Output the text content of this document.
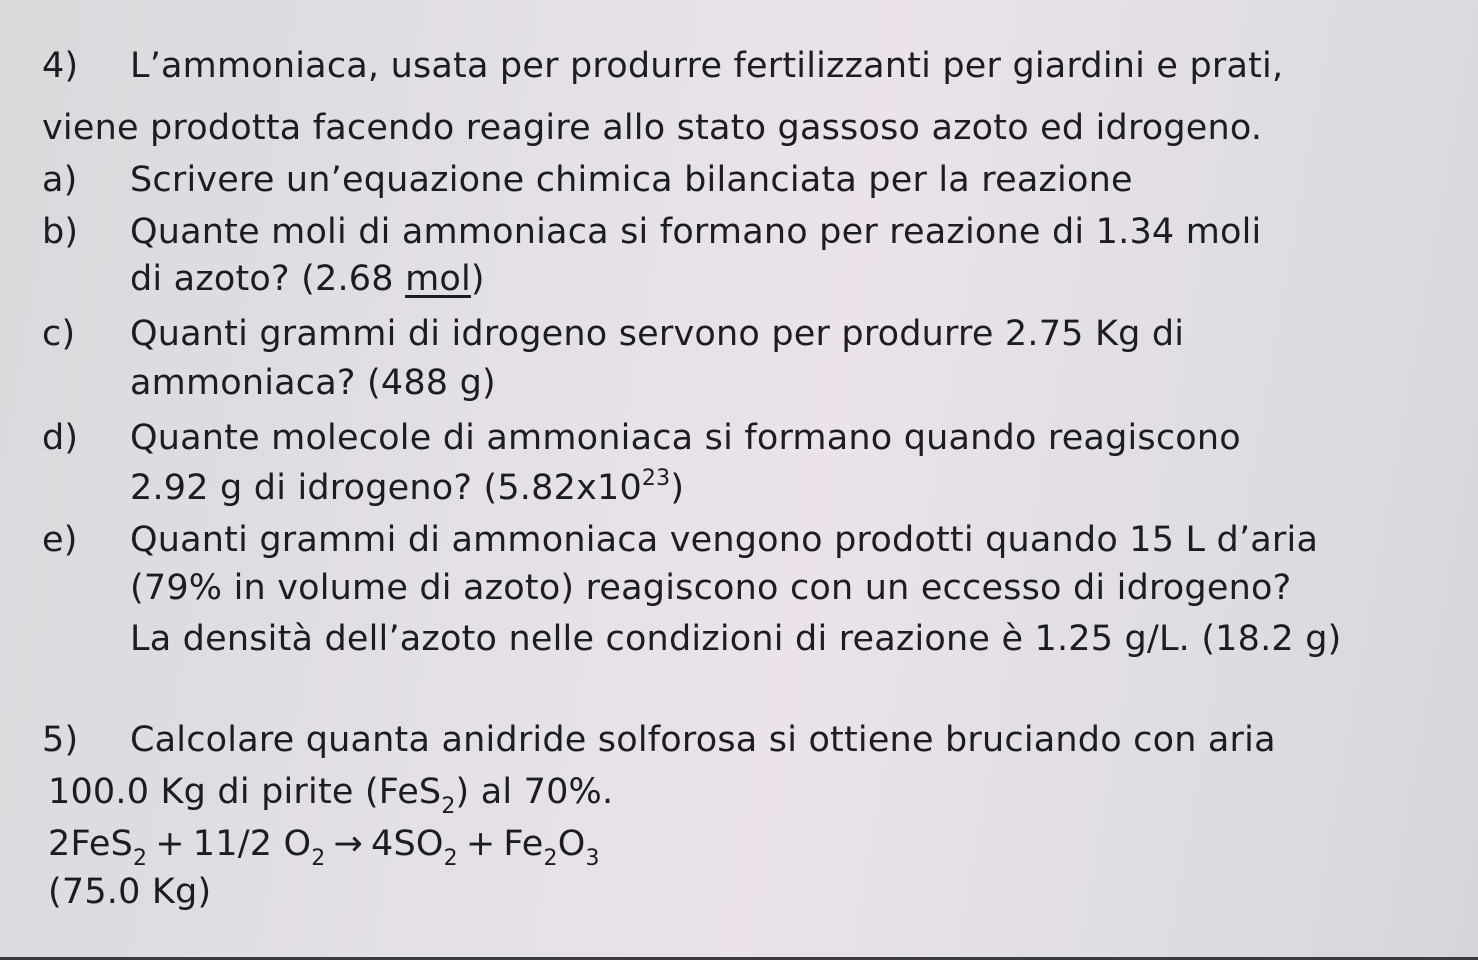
4) L’ammoniaca, usata per produrre fertilizzanti per giardini e prati,
viene prodotta facendo reagire allo stato gassoso azoto ed idrogeno.
a) Scrivere un’equazione chimica bilanciata per la reazione
b) Quante moli di ammoniaca si formano per reazione di 1.34 moli
di azoto? (2.68 mol)
c) Quanti grammi di idrogeno servono per produrre 2.75 Kg di
ammoniaca? (488 g)
d) Quante molecole di ammoniaca si formano quando reagiscono
2.92 g di idrogeno? $(5.82x10^{23})$
e) Quanti grammi di ammoniaca vengono prodotti quando 15 L d’aria
(79% in volume di azoto) reagiscono con un eccesso di idrogeno?
La densità dell’azoto nelle condizioni di reazione è 1.25 g/L. (18.2 g)
5) Calcolare quanta anidride solforosa si ottiene bruciando con aria
100.0 Kg di pirite (FeS$_2$) al 70%.
2FeS$_2$ + 11/2 $O_2 \to 4SO_2 + Fe_2O_3$
(75.0 Kg)
